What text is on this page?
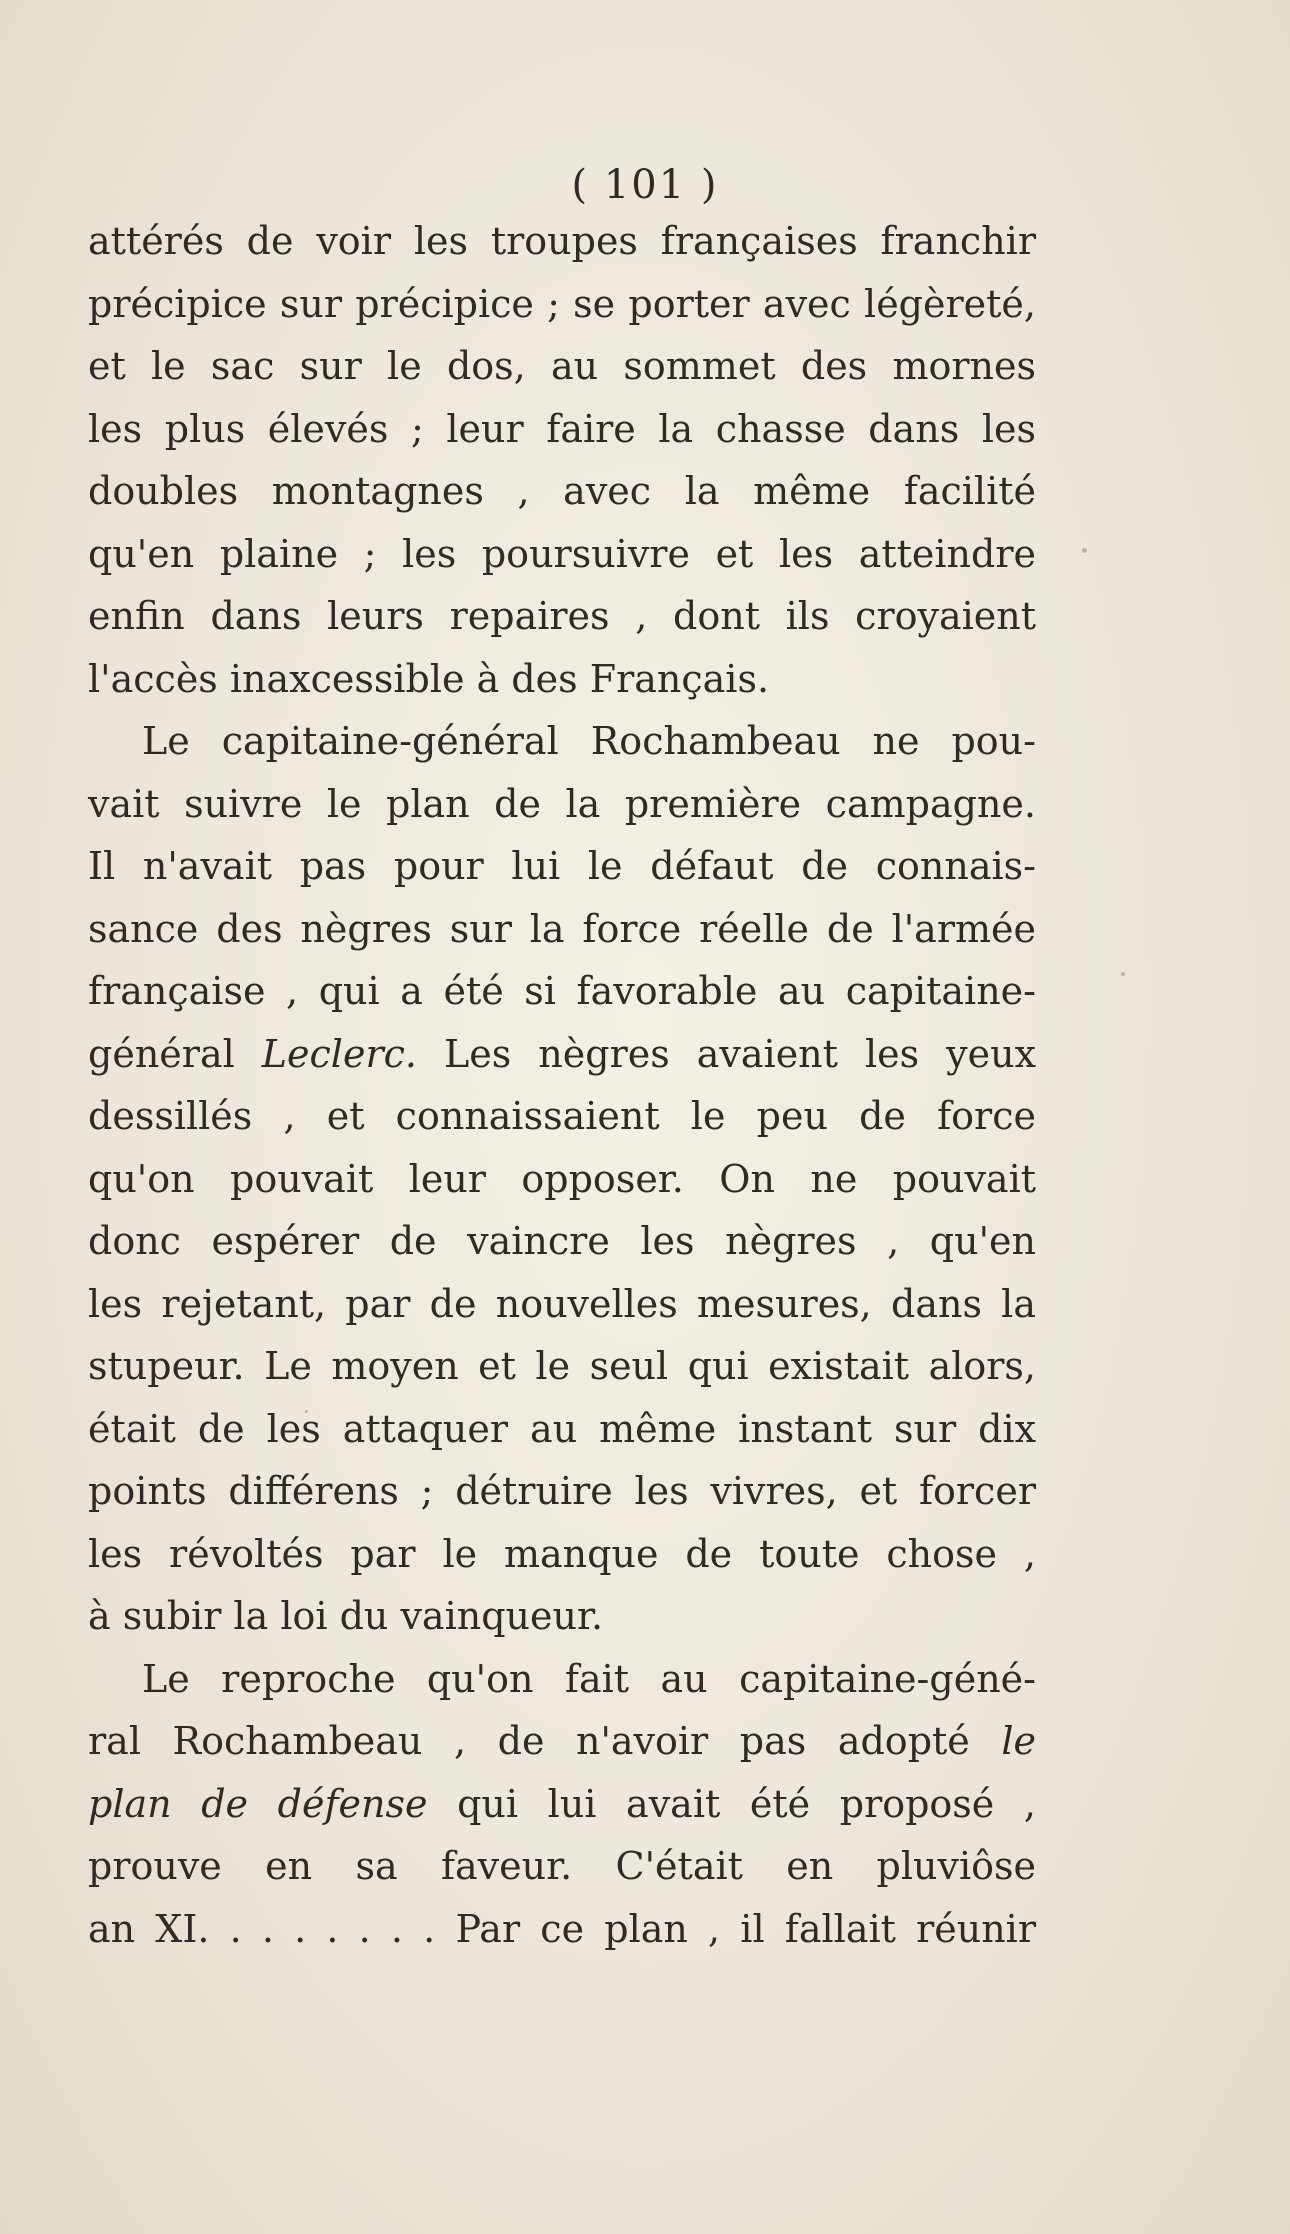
( 101 )
attérés de voir les troupes françaises franchir
précipice sur précipice ; se porter avec légèreté,
et le sac sur le dos, au sommet des mornes
les plus élevés ; leur faire la chasse dans les
doubles montagnes , avec la même facilité
qu'en plaine ; les poursuivre et les atteindre
enfin dans leurs repaires , dont ils croyaient
l'accès inaxcessible à des Français.
Le capitaine-général Rochambeau ne pou-
vait suivre le plan de la première campagne.
Il n'avait pas pour lui le défaut de connais-
sance des nègres sur la force réelle de l'armée
française , qui a été si favorable au capitaine-
général Leclerc. Les nègres avaient les yeux
dessillés , et connaissaient le peu de force
qu'on pouvait leur opposer. On ne pouvait
donc espérer de vaincre les nègres , qu'en
les rejetant, par de nouvelles mesures, dans la
stupeur. Le moyen et le seul qui existait alors,
était de les attaquer au même instant sur dix
points différens ; détruire les vivres, et forcer
les révoltés par le manque de toute chose ,
à subir la loi du vainqueur.
Le reproche qu'on fait au capitaine-géné-
ral Rochambeau , de n'avoir pas adopté le
plan de défense qui lui avait été proposé ,
prouve en sa faveur. C'était en pluviôse
an XI. . . . . . . . Par ce plan , il fallait réunir
